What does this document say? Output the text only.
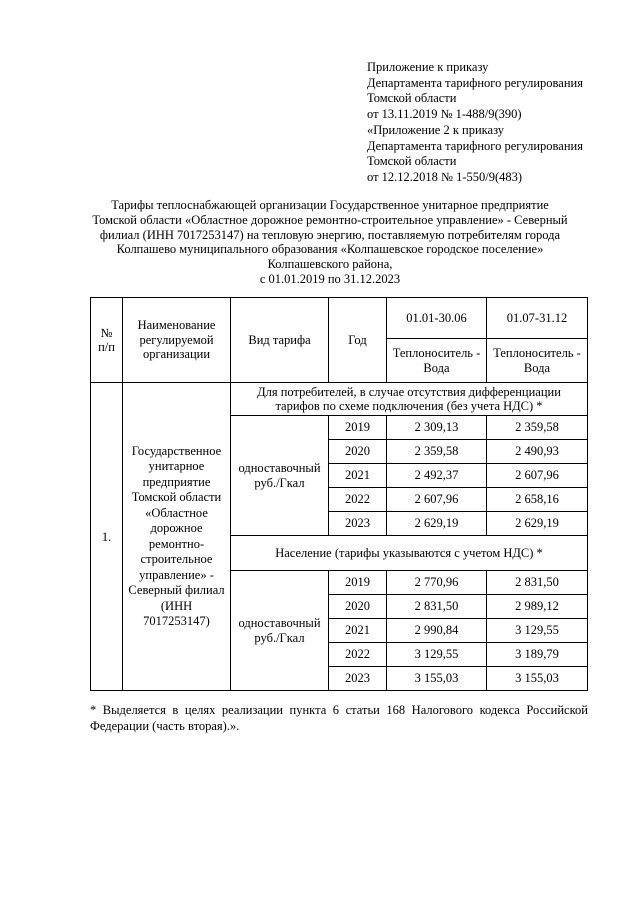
Приложение к приказу
Департамента тарифного регулирования
Томской области
от 13.11.2019 № 1-488/9(390)
«Приложение 2 к приказу
Департамента тарифного регулирования
Томской области
от 12.12.2018 № 1-550/9(483)
Тарифы теплоснабжающей организации Государственное унитарное предприятие
Томской области «Областное дорожное ремонтно-строительное управление» - Северный
филиал (ИНН 7017253147) на тепловую энергию, поставляемую потребителям города
Колпашево муниципального образования «Колпашевское городское поселение»
Колпашевского района,
с 01.01.2019 по 31.12.2023
№ п/п	Наименование регулируемой организации	Вид тарифа	Год	01.01-30.06	01.07-31.12
				Теплоноситель - Вода	Теплоноситель - Вода
1.	Государственное унитарное предприятие Томской области «Областное дорожное ремонтно-строительное управление» - Северный филиал (ИНН 7017253147)	Для потребителей, в случае отсутствия дифференциации тарифов по схеме подключения (без учета НДС) *			
		одноставочный руб./Гкал	2019	2 309,13	2 359,58
			2020	2 359,58	2 490,93
			2021	2 492,37	2 607,96
			2022	2 607,96	2 658,16
			2023	2 629,19	2 629,19
		Население (тарифы указываются с учетом НДС) *			
		одноставочный руб./Гкал	2019	2 770,96	2 831,50
			2020	2 831,50	2 989,12
			2021	2 990,84	3 129,55
			2022	3 129,55	3 189,79
			2023	3 155,03	3 155,03
* Выделяется в целях реализации пункта 6 статьи 168 Налогового кодекса Российской Федерации (часть вторая).».
